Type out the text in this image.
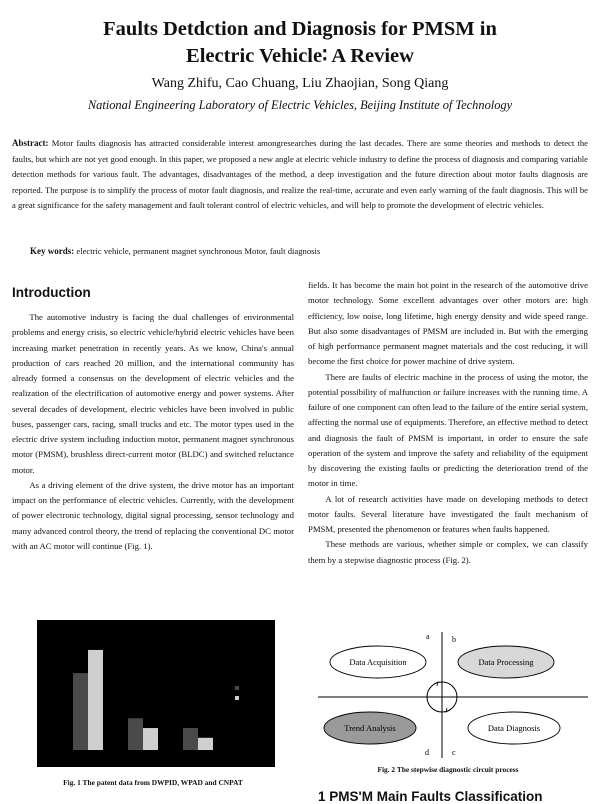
Faults Detdction and Diagnosis for PMSM in
Electric Vehicle∶ A Review
Wang Zhifu, Cao Chuang, Liu Zhaojian, Song Qiang
National Engineering Laboratory of Electric Vehicles, Beijing Institute of Technology
Abstract: Motor faults diagnosis has attracted considerable interest amongresearches during the last decades. There are some theories and methods to detect the faults, but which are not yet good enough. In this paper, we proposed a new angle at electric vehicle industry to define the process of diagnosis and comparing variable detection methods for various fault. The advantages, disadvantages of the method, a deep investigation and the future direction about motor faults diagnosis are reported. The purpose is to simplify the process of motor fault diagnosis, and realize the real-time, accurate and even early warning of the fault diagnosis. This will be a great significance for the safety management and fault tolerant control of electric vehicles, and will help to promote the development of electric vehicles.
Key words: electric vehicle, permanent magnet synchronous Motor, fault diagnosis
Introduction

The automotive industry is facing the dual challenges of environmental problems and energy crisis, so electric vehicle/hybrid electric vehicles have been increasing market penetration in recently years. As we know, China's annual production of cars reached 20 million, and the international community has already formed a consensus on the development of electric vehicles and the realization of the electrification of automotive energy and power systems. After several decades of development, electric vehicles have been involved in public buses, passenger cars, racing, small trucks and etc. The motor types used in the electric drive system including induction motor, permanent magnet synchronous motor (PMSM), brushless direct-current motor (BLDC) and switched reluctance motor.

As a driving element of the drive system, the drive motor has an important impact on the performance of electric vehicles. Currently, with the development of power electronic technology, digital signal processing, sensor technology and many advanced control theory, the trend of replacing the conventional DC motor with an AC motor will continue (Fig. 1).

fields. It has become the main hot point in the research of the automotive drive motor technology. Some excellent advantages over other motors are: high efficiency, low noise, long lifetime, high energy density and wide speed range. But also some disadvantages of PMSM are included in. But with the emerging of high performance permanent magnet materials and the cost reducing, it will become the first choice for power machine of drive system.

There are faults of electric machine in the process of using the motor, the potential possibility of malfunction or failure increases with the running time. A failure of one component can often lead to the failure of the entire serial system, affecting the normal use of equipments. Therefore, an effective method to detect and diagnosis the fault of PMSM is important, in order to ensure the safe operation of the system and improve the safety and reliability of the equipment by discovering the existing faults or predicting the deterioration trend of the motor in time.

A lot of research activities have made on developing methods to detect motor faults. Several literature have investigated the fault mechanism of PMSM, presented the phenomenon or features when faults happened.

These methods are various, whether simple or complex, we can classify them by a stepwise diagnostic process (Fig. 2).

Fig. 1 The patent data from DWPID, WPAD and CNPAT
a	b
c
d
Data Acquisition	Data Processing
Trend Analysis	Data Diagnosis
Fig. 2 The stepwise diagnostic circuit process
1 PMS'M Main Faults Classification
